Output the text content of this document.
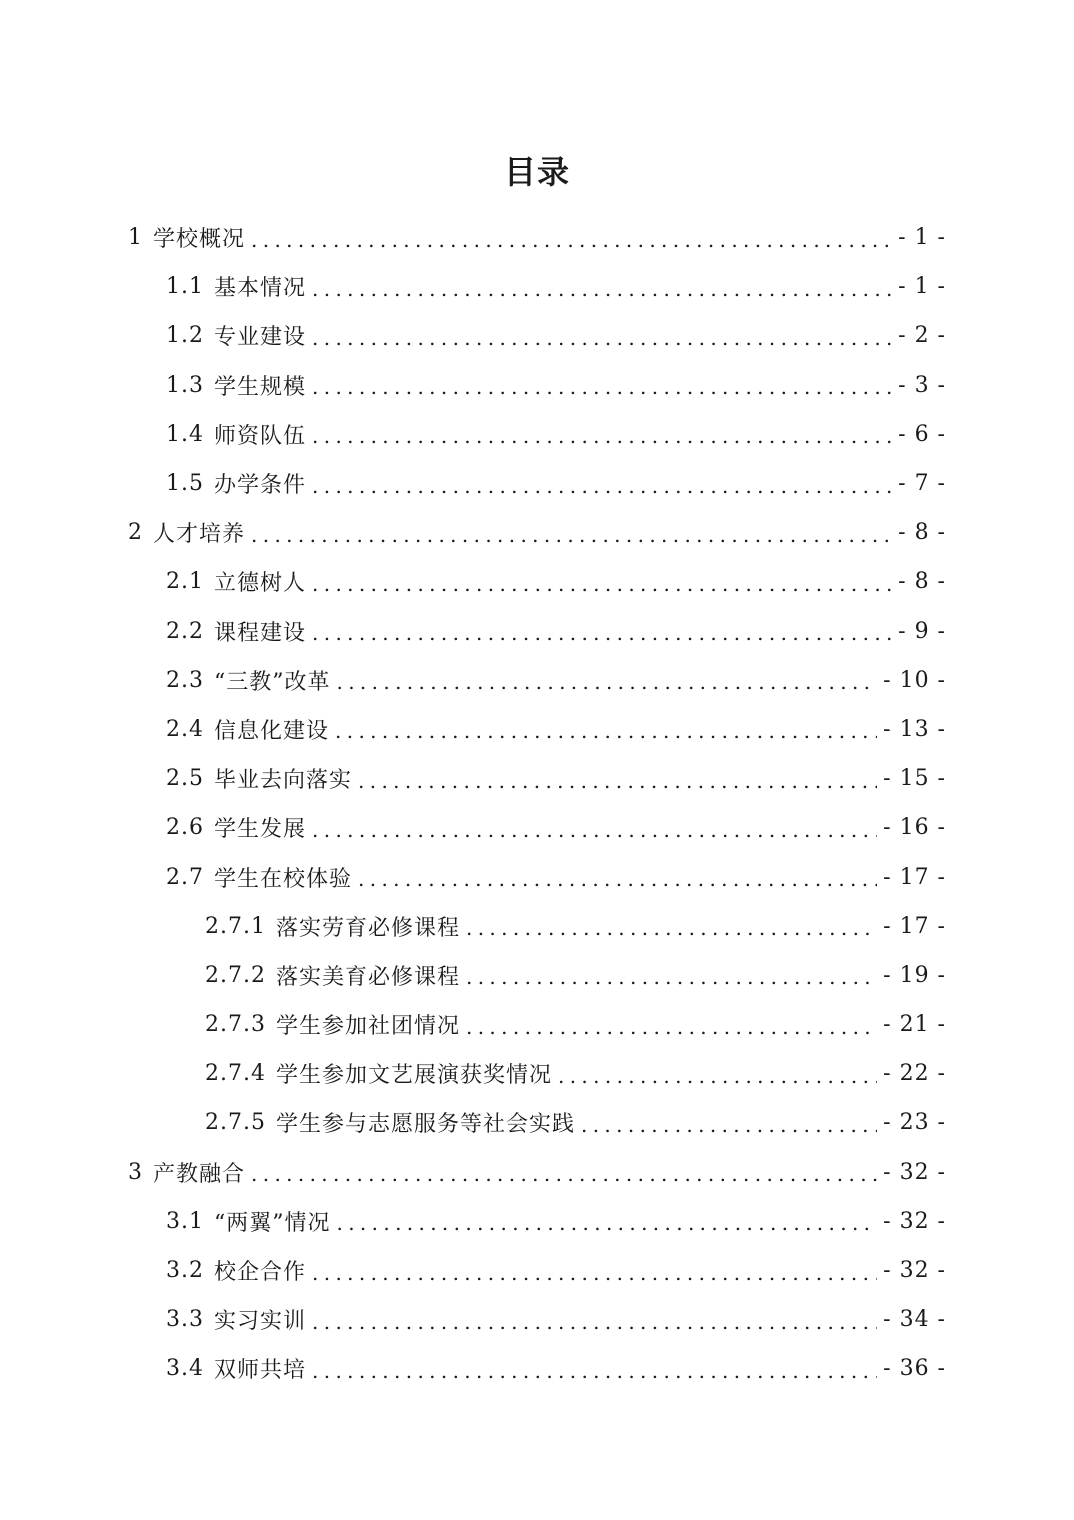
目录
1 学校概况 . . .	- 1 -
1.1 基本情况 . . .	- 1 -
1.2 专业建设 . . .	- 2 -
1.3 学生规模 . . .	- 3 -
1.4 师资队伍 . . .	- 6 -
1.5 办学条件 . . .	- 7 -
2 人才培养 . . .	- 8 -
2.1 立德树人 . . .	- 8 -
2.2 课程建设 . . .	- 9 -
2.3 “三教”改革 . . .	- 10 -
2.4 信息化建设 . . .	- 13 -
2.5 毕业去向落实 . . .	- 15 -
2.6 学生发展 . . .	- 16 -
2.7 学生在校体验 . . .	- 17 -
2.7.1 落实劳育必修课程 . . .	- 17 -
2.7.2 落实美育必修课程 . . .	- 19 -
2.7.3 学生参加社团情况 . . .	- 21 -
2.7.4 学生参加文艺展演获奖情况 . . .	- 22 -
2.7.5 学生参与志愿服务等社会实践 . . .	- 23 -
3 产教融合 . . .	- 32 -
3.1 “两翼”情况 . . .	- 32 -
3.2 校企合作 . . .	- 32 -
3.3 实习实训 . . .	- 34 -
3.4 双师共培 . . .	- 36 -
